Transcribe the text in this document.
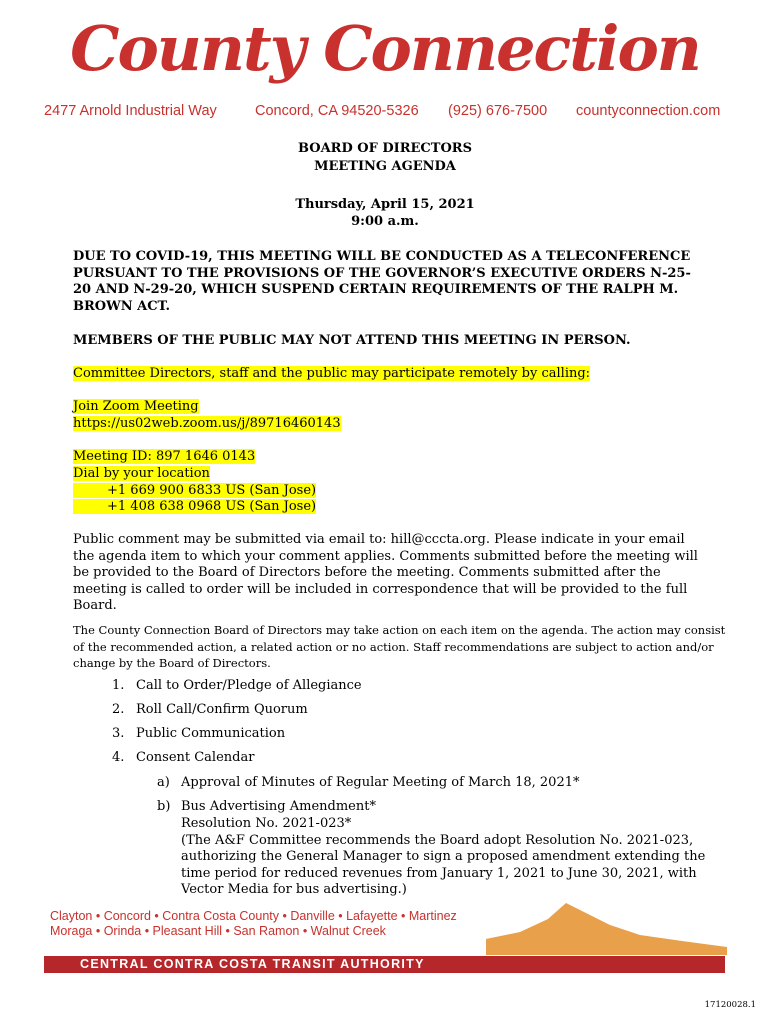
County Connection
2477 Arnold Industrial Way	Concord, CA 94520-5326 (925) 676-7500 countyconnection.com
BOARD OF DIRECTORS
MEETING AGENDA
Thursday, April 15, 2021
9:00 a.m.
DUE TO COVID-19, THIS MEETING WILL BE CONDUCTED AS A TELECONFERENCE PURSUANT TO THE PROVISIONS OF THE GOVERNOR’S EXECUTIVE ORDERS N-25-20 AND N-29-20, WHICH SUSPEND CERTAIN REQUIREMENTS OF THE RALPH M. BROWN ACT.
MEMBERS OF THE PUBLIC MAY NOT ATTEND THIS MEETING IN PERSON.
Committee Directors, staff and the public may participate remotely by calling:
Join Zoom Meeting
https://us02web.zoom.us/j/89716460143
Meeting ID: 897 1646 0143
Dial by your location
+1 669 900 6833 US (San Jose)
+1 408 638 0968 US (San Jose)
Public comment may be submitted via email to: hill@cccta.org. Please indicate in your email the agenda item to which your comment applies. Comments submitted before the meeting will be provided to the Board of Directors before the meeting. Comments submitted after the meeting is called to order will be included in correspondence that will be provided to the full Board.
The County Connection Board of Directors may take action on each item on the agenda. The action may consist of the recommended action, a related action or no action. Staff recommendations are subject to action and/or change by the Board of Directors.
1. Call to Order/Pledge of Allegiance
2. Roll Call/Confirm Quorum
3. Public Communication
4. Consent Calendar
a) Approval of Minutes of Regular Meeting of March 18, 2021*
b) Bus Advertising Amendment*
Resolution No. 2021-023*
(The A&F Committee recommends the Board adopt Resolution No. 2021-023,
authorizing the General Manager to sign a proposed amendment extending the
time period for reduced revenues from January 1, 2021 to June 30, 2021, with
Vector Media for bus advertising.)
Clayton • Concord • Contra Costa County • Danville • Lafayette • Martinez
Moraga • Orinda • Pleasant Hill • San Ramon • Walnut Creek
CENTRAL CONTRA COSTA TRANSIT AUTHORITY
17120028.1
